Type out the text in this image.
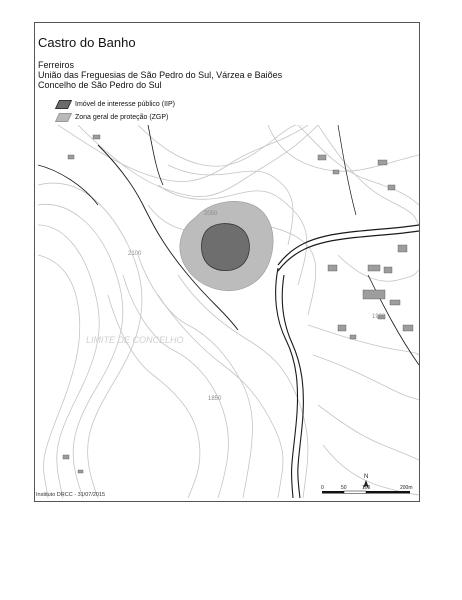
Castro do Banho
Ferreiros
União das Freguesias de São Pedro do Sul, Várzea e Baiões
Concelho de São Pedro do Sul
Imóvel de interesse público (IIP)
Zona geral de proteção (ZGP)
2100
2050
1920
1850
LIMITE DE CONCELHO
N
0	50	100	200m
Instituto DRCC - 31/07/2015
